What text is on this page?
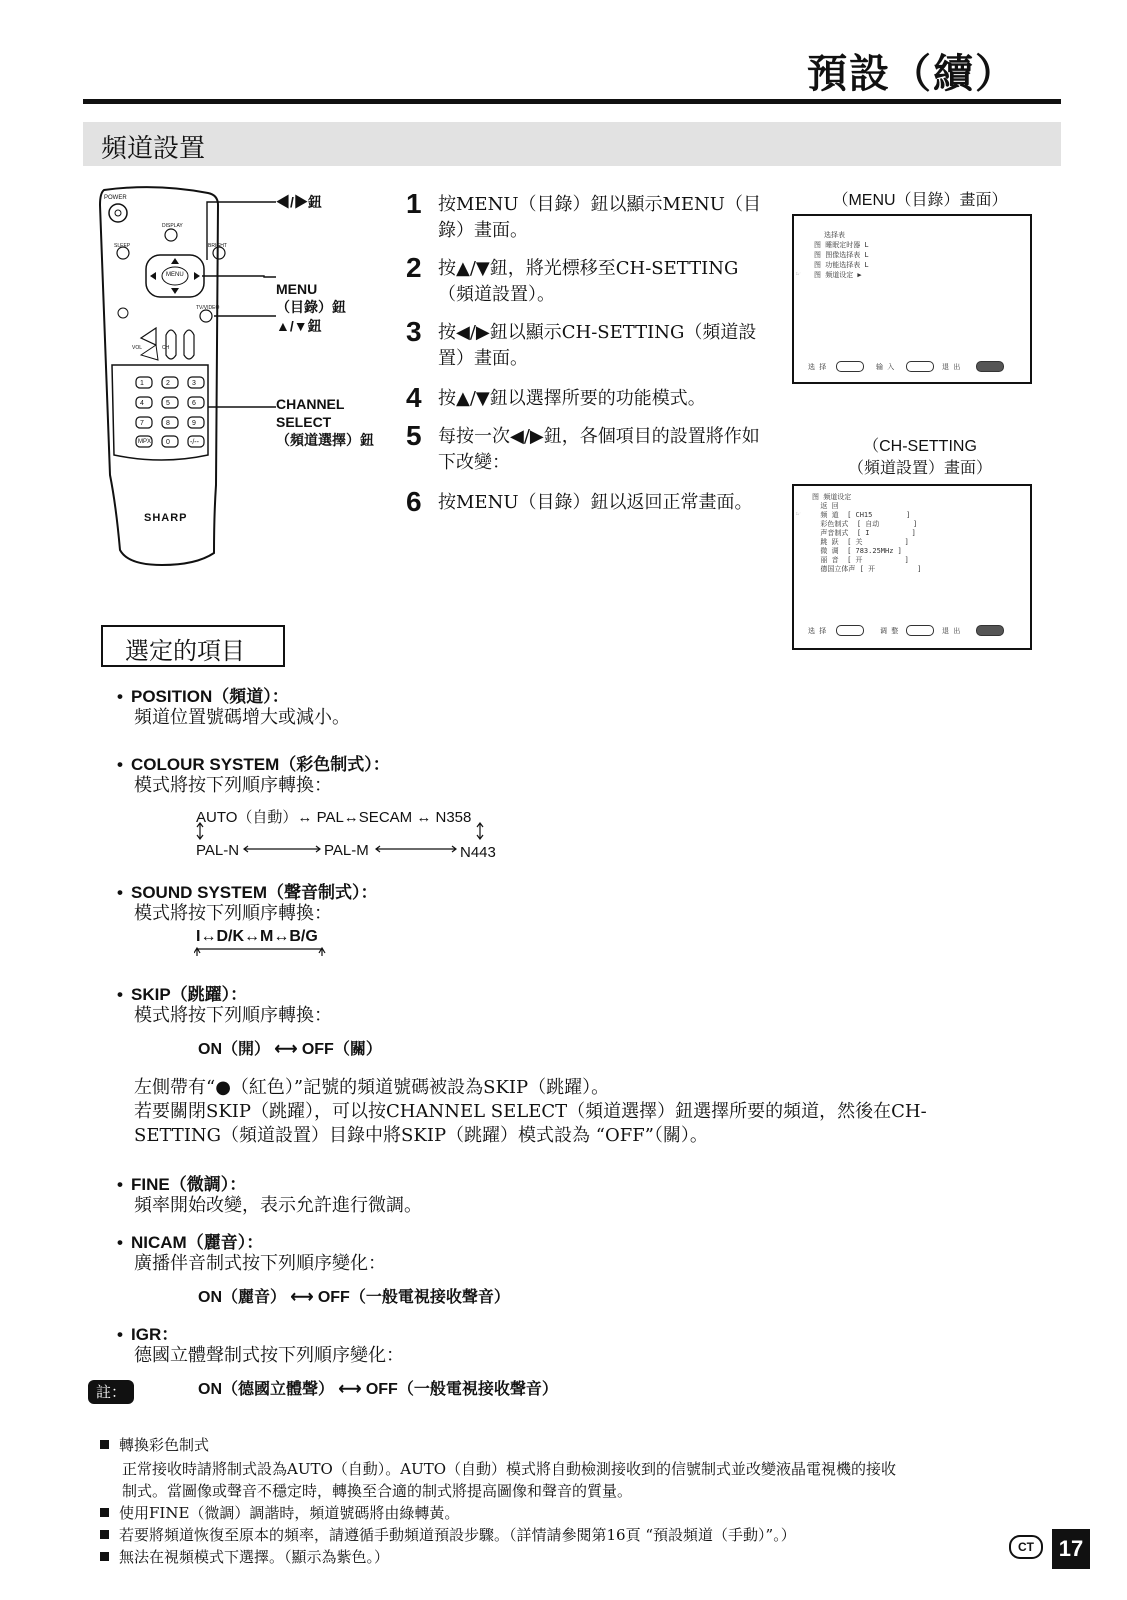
預設（續）
頻道設置
POWER
DISPLAY
SLEEP	BRIGHT
MENU
TV/VIDEO
VOL	CH
MPX
1	2	3
4	5	6
7	8	9
0	-/--
SHARP
◀/▶鈕
MENU
（目錄）鈕
▲/▼鈕
CHANNEL
SELECT
（頻道選擇）鈕
1 按MENU（目錄）鈕以顯示MENU（目錄）畫面。
2 按▲/▼鈕，將光標移至CH-SETTING（頻道設置）。
3 按◀/▶鈕以顯示CH-SETTING（頻道設置）畫面。
4 按▲/▼鈕以選擇所要的功能模式。
5 每按一次◀/▶鈕，各個項目的設置將作如下改變：
6 按MENU（目錄）鈕以返回正常畫面。
（MENU（目錄）畫面）
选择表
图 睡眠定时器 L
图 图像选择表 L
图 功能选择表 L
图 频道设定 ▶
☞
选 择	输 入	退 出
（CH-SETTING
（頻道設置）畫面）
图 频道设定
返 回
频 道  [ CH15        ]
彩色制式  [ 自动        ]
声音制式  [ I          ]
跳 跃  [ 关          ]
微 调  [ 783.25MHz ]
丽 音  [ 开          ]
德国立体声 [ 开          ]
☞
选 择	调 整	退 出
選定的項目
• POSITION（頻道）：
頻道位置號碼增大或減小。
• COLOUR SYSTEM（彩色制式）：
模式將按下列順序轉換：
AUTO（自動）↔ PAL↔SECAM ↔ N358
PAL-N	PAL-M	N443
• SOUND SYSTEM（聲音制式）：
模式將按下列順序轉換：
I↔D/K↔M↔B/G
• SKIP（跳躍）：
模式將按下列順序轉換：
ON（開） ⟷ OFF（關）
左側帶有“●（紅色）”記號的頻道號碼被設為SKIP（跳躍）。
若要關閉SKIP（跳躍），可以按CHANNEL SELECT（頻道選擇）鈕選擇所要的頻道，然後在CH-
SETTING（頻道設置）目錄中將SKIP（跳躍）模式設為 “OFF”（關）。
• FINE（微調）：
頻率開始改變，表示允許進行微調。
• NICAM（麗音）：
廣播伴音制式按下列順序變化：
ON（麗音） ⟷ OFF（一般電視接收聲音）
• IGR：
德國立體聲制式按下列順序變化：
ON（德國立體聲） ⟷ OFF（一般電視接收聲音）
註：
轉換彩色制式
正常接收時請將制式設為AUTO（自動）。AUTO（自動）模式將自動檢測接收到的信號制式並改變液晶電視機的接收
制式。當圖像或聲音不穩定時，轉換至合適的制式將提高圖像和聲音的質量。
使用FINE（微調）調諧時，頻道號碼將由綠轉黃。
若要將頻道恢復至原本的頻率，請遵循手動頻道預設步驟。（詳情請參閱第16頁 “預設頻道（手動）”。）
無法在視頻模式下選擇。（顯示為紫色。）
CT	17
